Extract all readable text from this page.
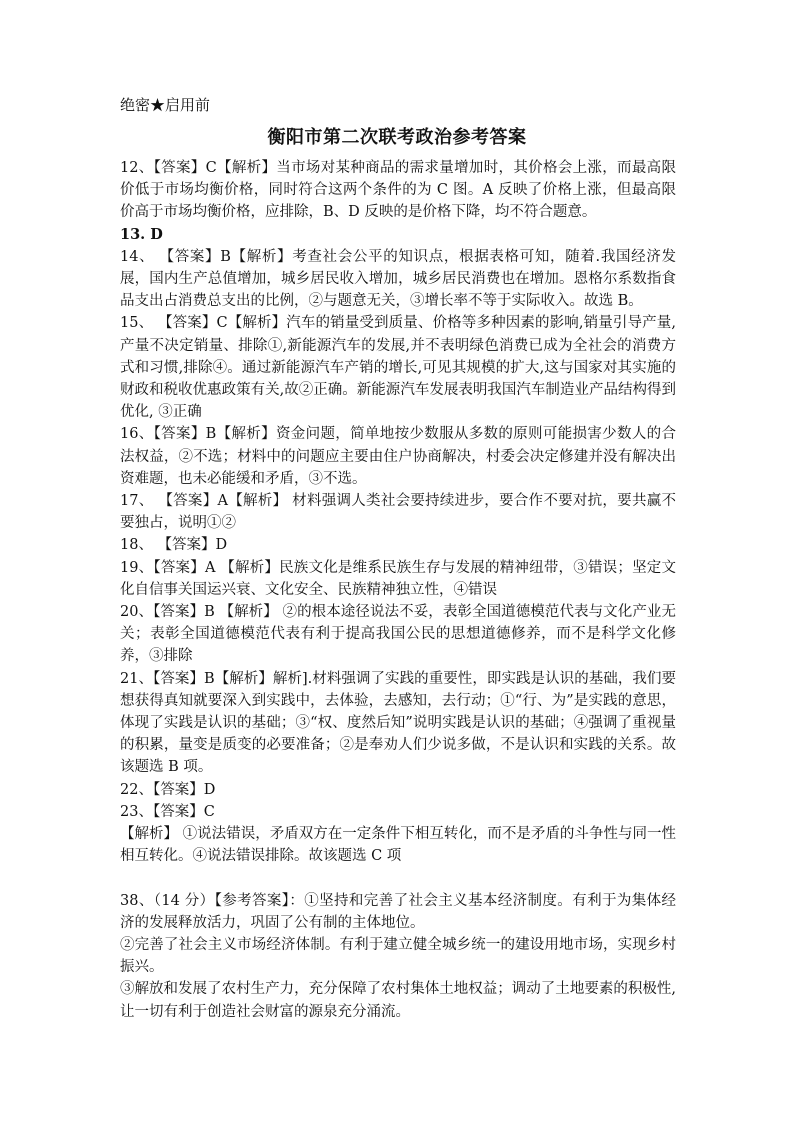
绝密★启用前
衡阳市第二次联考政治参考答案

12、【答案】C【解析】当市场对某种商品的需求量增加时，其价格会上涨，而最高限价低于市场均衡价格，同时符合这两个条件的为 C 图。A 反映了价格上涨，但最高限价高于市场均衡价格，应排除，B、D 反映的是价格下降，均不符合题意。

13. D

14、 【答案】B【解析】考查社会公平的知识点，根据表格可知，随着.我国经济发展，国内生产总值增加，城乡居民收入增加，城乡居民消费也在增加。恩格尔系数指食品支出占消费总支出的比例，②与题意无关，③增长率不等于实际收入。故选 B。

15、 【答案】C【解析】汽车的销量受到质量、价格等多种因素的影响,销量引导产量,产量不决定销量、排除①,新能源汽车的发展,并不表明绿色消费已成为全社会的消费方式和习惯,排除④。通过新能源汽车产销的增长,可见其规模的扩大,这与国家对其实施的财政和税收优惠政策有关,故②正确。新能源汽车发展表明我国汽车制造业产品结构得到优化, ③正确

16、【答案】B【解析】资金问题，简单地按少数服从多数的原则可能损害少数人的合法权益，②不选；材料中的问题应主要由住户协商解决，村委会决定修建并没有解决出资难题，也未必能缓和矛盾，③不选。

17、 【答案】A【解析】 材料强调人类社会要持续进步，要合作不要对抗，要共赢不要独占，说明①②

18、 【答案】D

19、【答案】A 【解析】民族文化是维系民族生存与发展的精神纽带，③错误；坚定文化自信事关国运兴衰、文化安全、民族精神独立性，④错误

20、【答案】B 【解析】 ②的根本途径说法不妥，表彰全国道德模范代表与文化产业无关；表彰全国道德模范代表有利于提高我国公民的思想道德修养，而不是科学文化修养，③排除

21、【答案】B【解析】解析].材料强调了实践的重要性，即实践是认识的基础，我们要想获得真知就要深入到实践中，去体验，去感知，去行动；①“行、为”是实践的意思，体现了实践是认识的基础；③“权、度然后知”说明实践是认识的基础；④强调了重视量的积累，量变是质变的必要准备；②是奉劝人们少说多做，不是认识和实践的关系。故该题选 B 项。

22、【答案】D

23、【答案】C

【解析】 ①说法错误，矛盾双方在一定条件下相互转化，而不是矛盾的斗争性与同一性相互转化。④说法错误排除。故该题选 C 项

38、（14 分）【参考答案】：①坚持和完善了社会主义基本经济制度。有利于为集体经济的发展释放活力，巩固了公有制的主体地位。

②完善了社会主义市场经济体制。有利于建立健全城乡统一的建设用地市场，实现乡村振兴。

③解放和发展了农村生产力，充分保障了农村集体土地权益；调动了土地要素的积极性,让一切有利于创造社会财富的源泉充分涌流。
